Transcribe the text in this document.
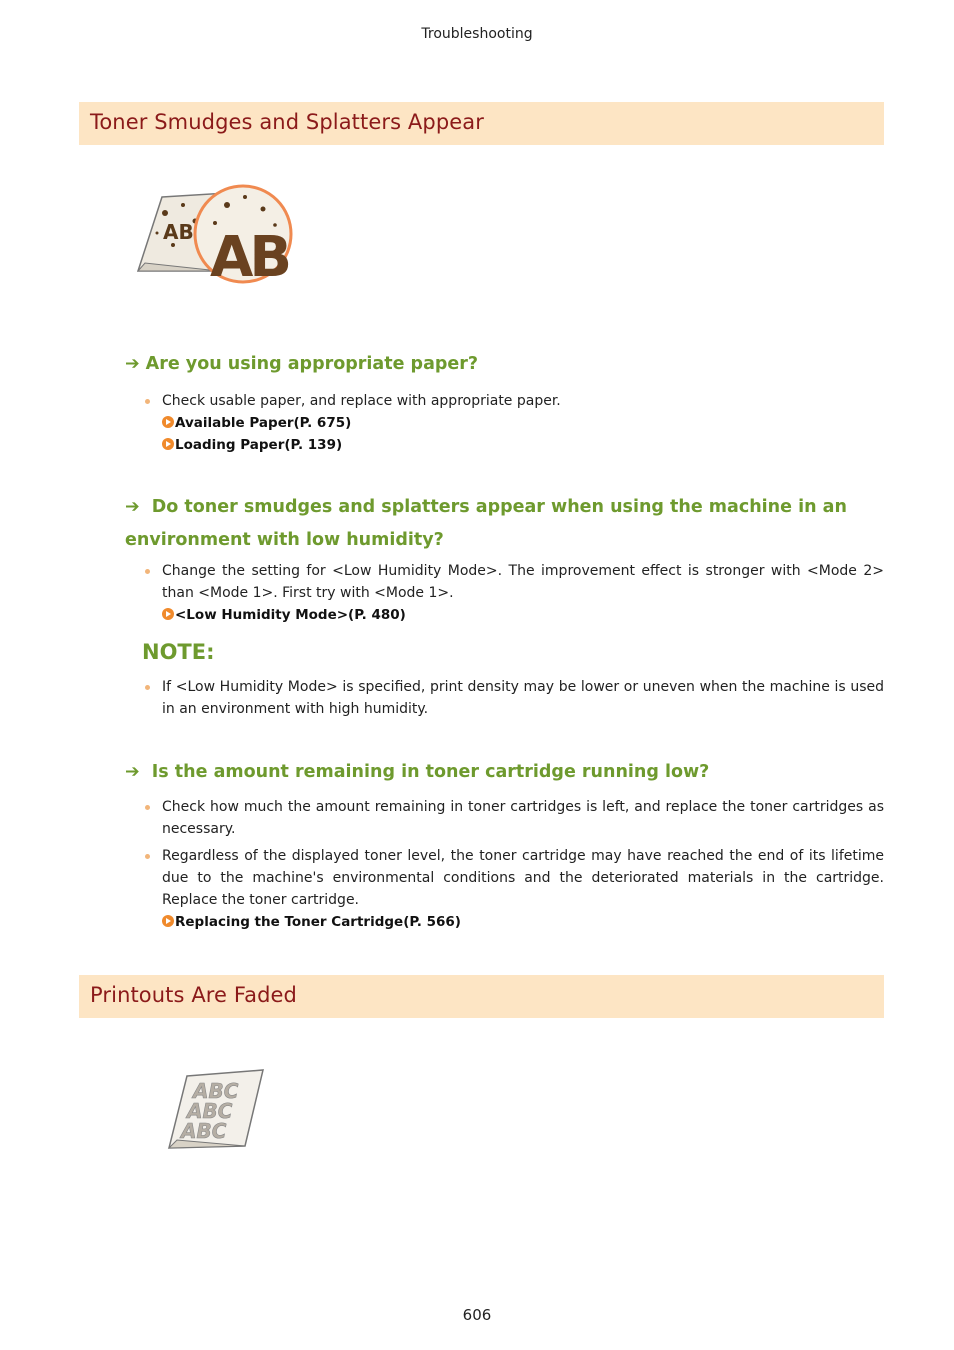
Troubleshooting
Toner Smudges and Splatters Appear
AB AB
➔ Are you using appropriate paper?
Check usable paper, and replace with appropriate paper.
Available Paper(P. 675)
Loading Paper(P. 139)
➔ Do toner smudges and splatters appear when using the machine in an
environment with low humidity?
Change the setting for <Low Humidity Mode>. The improvement effect is stronger with <Mode 2> than <Mode 1>. First try with <Mode 1>.
<Low Humidity Mode>(P. 480)
NOTE:
If <Low Humidity Mode> is specified, print density may be lower or uneven when the machine is used in an environment with high humidity.
➔ Is the amount remaining in toner cartridge running low?
Check how much the amount remaining in toner cartridges is left, and replace the toner cartridges as necessary.
Regardless of the displayed toner level, the toner cartridge may have reached the end of its lifetime due to the machine's environmental conditions and the deteriorated materials in the cartridge. Replace the toner cartridge.
Replacing the Toner Cartridge(P. 566)
Printouts Are Faded
ABC
ABC
ABC
606
